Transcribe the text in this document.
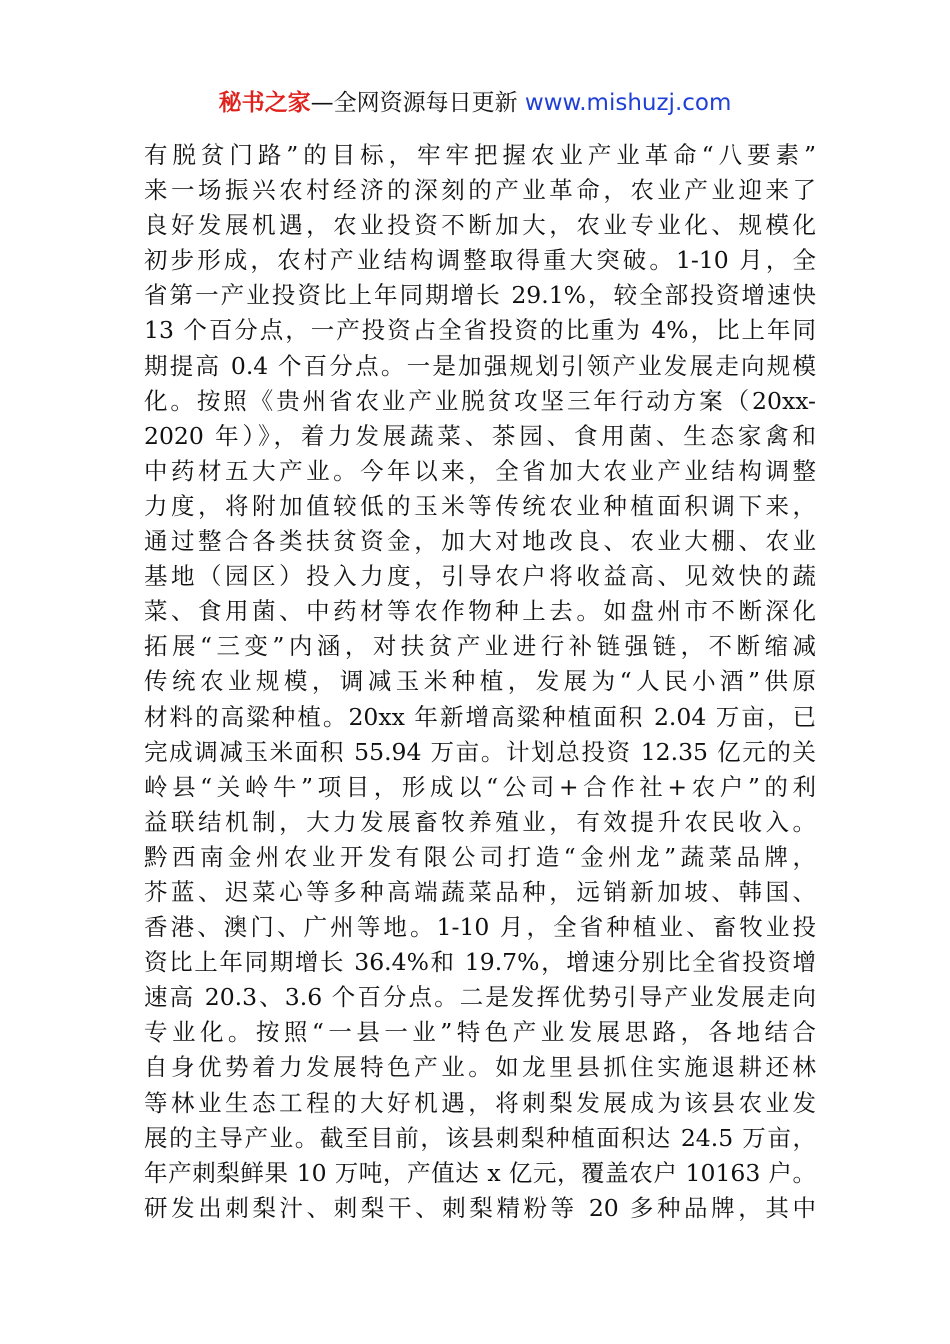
秘书之家—全网资源每日更新 www.mishuzj.com
有脱贫门路”的目标，牢牢把握农业产业革命“八要素”
来一场振兴农村经济的深刻的产业革命，农业产业迎来了
良好发展机遇，农业投资不断加大，农业专业化、规模化
初步形成，农村产业结构调整取得重大突破。1-10 月，全
省第一产业投资比上年同期增长 29.1%，较全部投资增速快
13 个百分点，一产投资占全省投资的比重为 4%，比上年同
期提高 0.4 个百分点。一是加强规划引领产业发展走向规模
化。按照《贵州省农业产业脱贫攻坚三年行动方案（20xx-
2020 年）》，着力发展蔬菜、茶园、食用菌、生态家禽和
中药材五大产业。今年以来，全省加大农业产业结构调整
力度，将附加值较低的玉米等传统农业种植面积调下来，
通过整合各类扶贫资金，加大对地改良、农业大棚、农业
基地（园区）投入力度，引导农户将收益高、见效快的蔬
菜、食用菌、中药材等农作物种上去。如盘州市不断深化
拓展“三变”内涵，对扶贫产业进行补链强链，不断缩减
传统农业规模，调减玉米种植，发展为“人民小酒”供原
材料的高粱种植。20xx 年新增高粱种植面积 2.04 万亩，已
完成调减玉米面积 55.94 万亩。计划总投资 12.35 亿元的关
岭县“关岭牛”项目，形成以“公司+合作社+农户”的利
益联结机制，大力发展畜牧养殖业，有效提升农民收入。
黔西南金州农业开发有限公司打造“金州龙”蔬菜品牌，
芥蓝、迟菜心等多种高端蔬菜品种，远销新加坡、韩国、
香港、澳门、广州等地。1-10 月，全省种植业、畜牧业投
资比上年同期增长 36.4%和 19.7%，增速分别比全省投资增
速高 20.3、3.6 个百分点。二是发挥优势引导产业发展走向
专业化。按照“一县一业”特色产业发展思路，各地结合
自身优势着力发展特色产业。如龙里县抓住实施退耕还林
等林业生态工程的大好机遇，将刺梨发展成为该县农业发
展的主导产业。截至目前，该县刺梨种植面积达 24.5 万亩，
年产刺梨鲜果 10 万吨，产值达 x 亿元，覆盖农户 10163 户。
研发出刺梨汁、刺梨干、刺梨精粉等 20 多种品牌，其中
